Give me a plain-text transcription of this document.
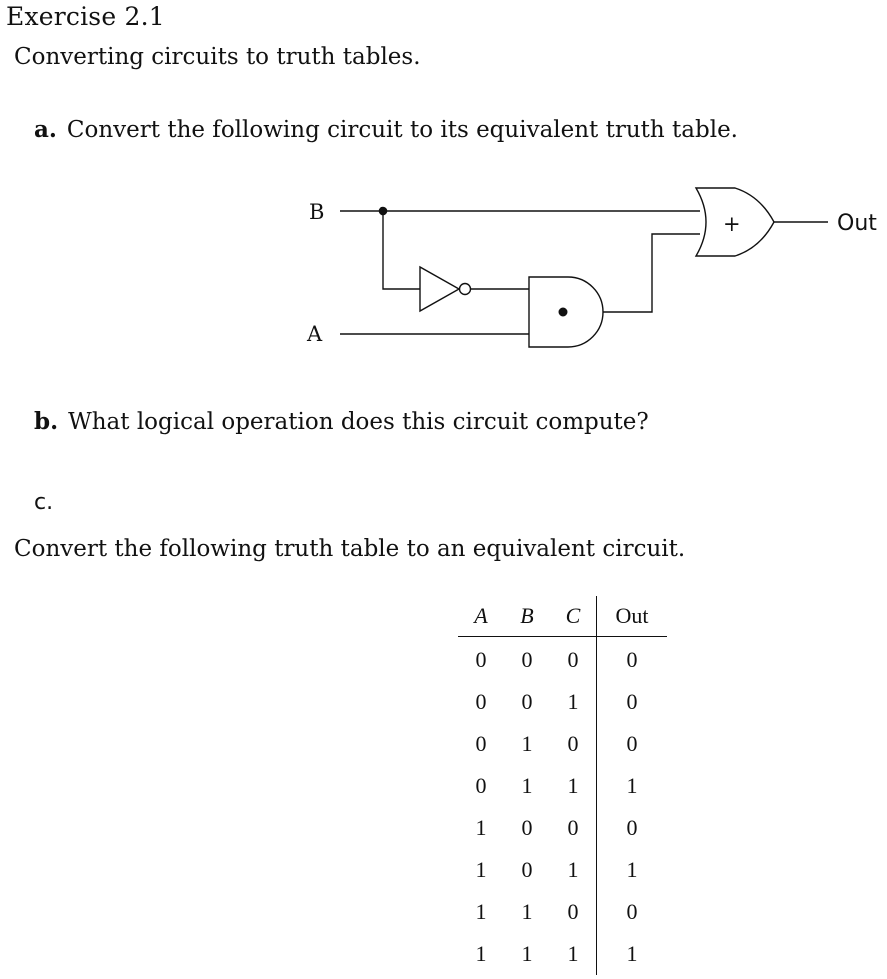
Exercise 2.1
Converting circuits to truth tables.
a. Convert the following circuit to its equivalent truth table.
B
A
+	Out
b. What logical operation does this circuit compute?
c.
Convert the following truth table to an equivalent circuit.
A	B	C	Out
0	0	0	0
0	0	1	0
0	1	0	0
0	1	1	1
1	0	0	0
1	0	1	1
1	1	0	0
1	1	1	1
